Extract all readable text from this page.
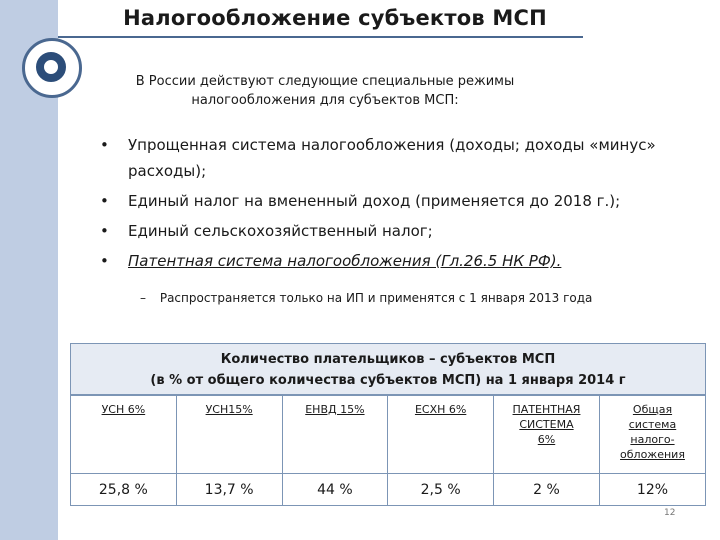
Налогообложение субъектов МСП
В России действуют следующие специальные режимы налогообложения для субъектов МСП:
• Упрощенная система налогообложения (доходы; доходы «минус» расходы);
• Единый налог на вмененный доход (применяется до 2018 г.);
• Единый сельскохозяйственный налог;
• Патентная система налогообложения (Гл.26.5 НК РФ).
– Распространяется только на ИП и применятся с 1 января 2013 года
Количество плательщиков – субъектов МСП
(в % от общего количества субъектов МСП) на 1 января 2014 г
УСН 6%	УСН15%	ЕНВД 15%	ЕСХН 6%	ПАТЕНТНАЯ СИСТЕМА 6%	Общая система налого-обложения
25,8 %	13,7 %	44 %	2,5 %	2 %	12%
12
